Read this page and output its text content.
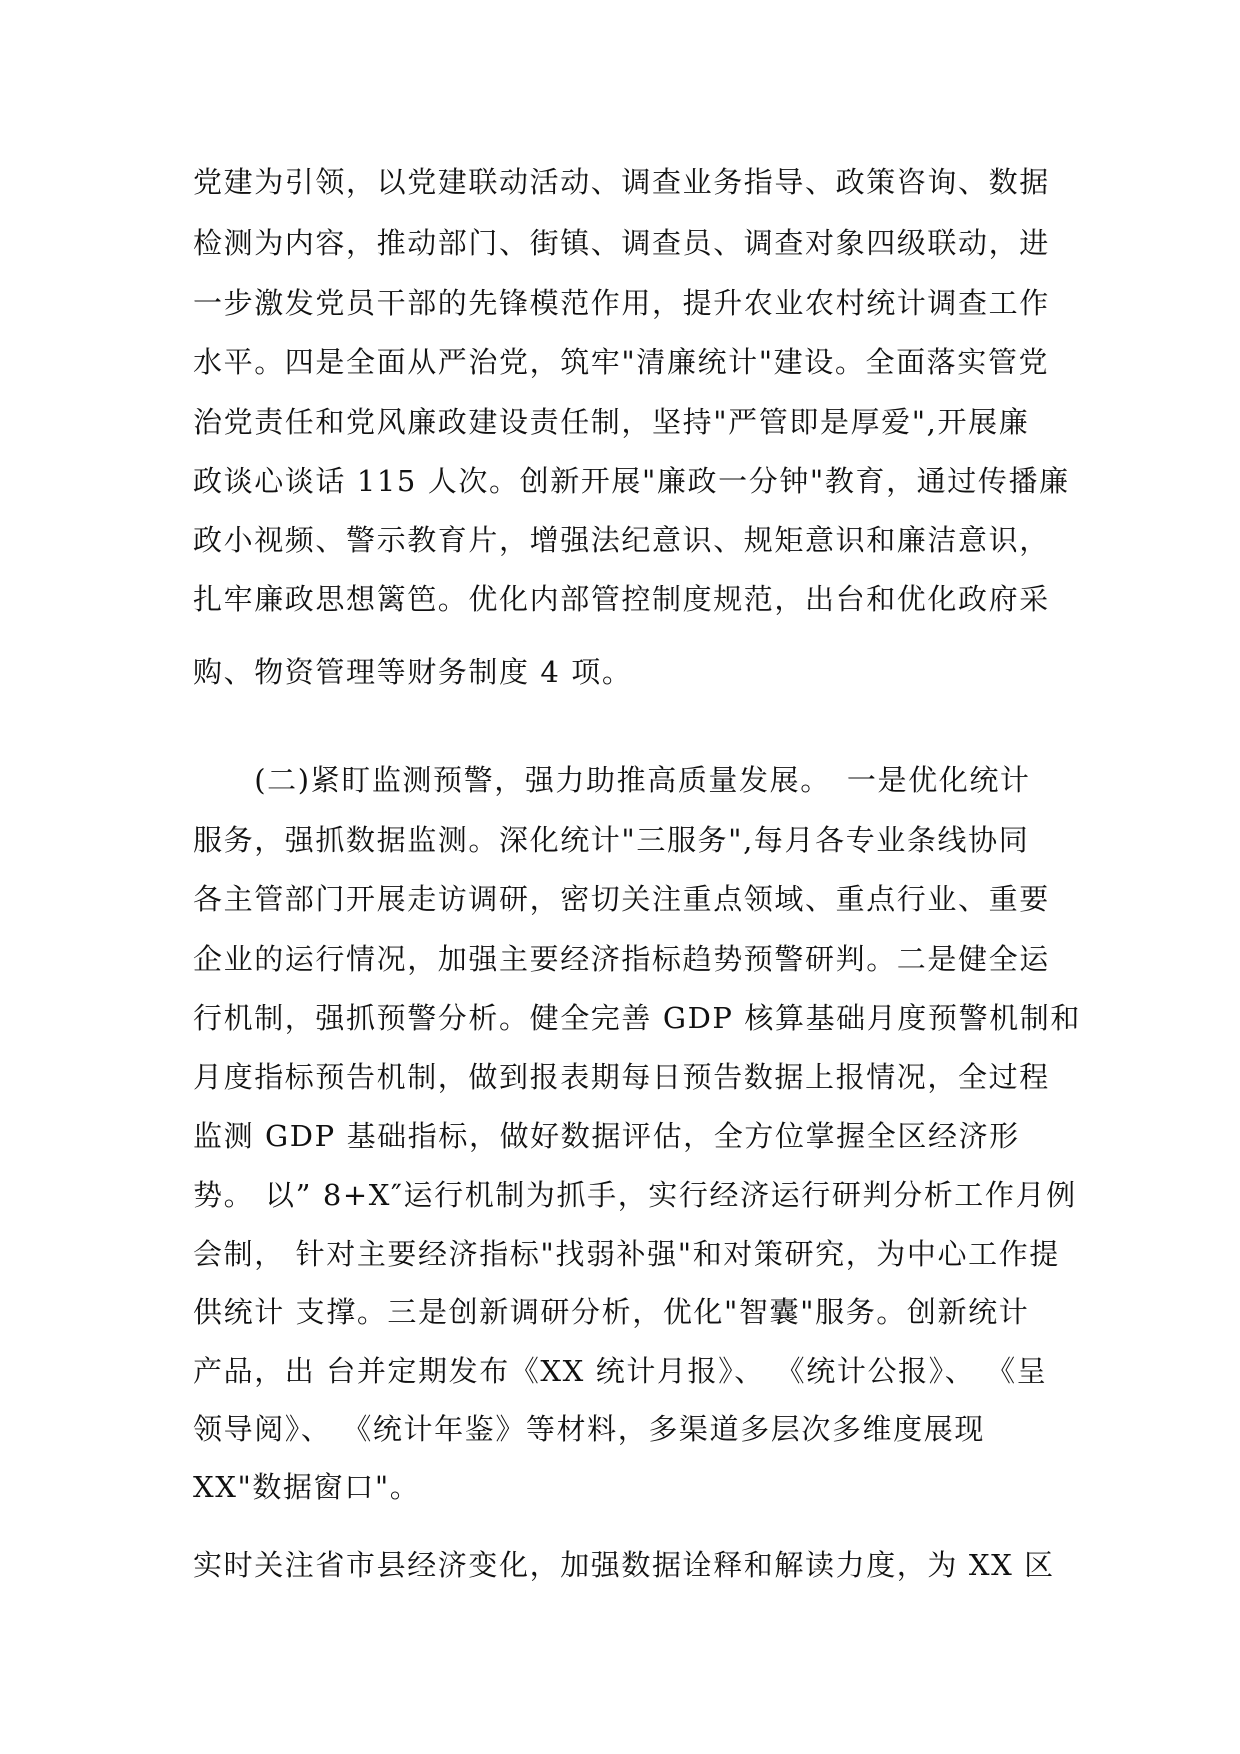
党建为引领，以党建联动活动、调查业务指导、政策咨询、数据
检测为内容，推动部门、街镇、调查员、调查对象四级联动，进
一步激发党员干部的先锋模范作用，提升农业农村统计调查工作
水平。四是全面从严治党，筑牢"清廉统计"建设。全面落实管党
治党责任和党风廉政建设责任制，坚持"严管即是厚爱",开展廉
政谈心谈话 115 人次。创新开展"廉政一分钟"教育，通过传播廉
政小视频、警示教育片，增强法纪意识、规矩意识和廉洁意识，
扎牢廉政思想篱笆。优化内部管控制度规范，出台和优化政府采
购、物资管理等财务制度 4 项。
　　(二)紧盯监测预警，强力助推高质量发展。　一是优化统计
服务，强抓数据监测。深化统计"三服务",每月各专业条线协同
各主管部门开展走访调研，密切关注重点领域、重点行业、重要
企业的运行情况，加强主要经济指标趋势预警研判。二是健全运
行机制，强抓预警分析。健全完善 GDP 核算基础月度预警机制和
月度指标预告机制，做到报表期每日预告数据上报情况，全过程
监测 GDP 基础指标，做好数据评估，全方位掌握全区经济形
势。 以” 8+X″运行机制为抓手，实行经济运行研判分析工作月例
会制， 针对主要经济指标"找弱补强"和对策研究，为中心工作提
供统计 支撑。三是创新调研分析，优化"智囊"服务。创新统计
产品，出 台并定期发布《XX 统计月报》、 《统计公报》、 《呈
领导阅》、 《统计年鉴》等材料，多渠道多层次多维度展现
XX"数据窗口"。
实时关注省市县经济变化，加强数据诠释和解读力度，为 XX 区
